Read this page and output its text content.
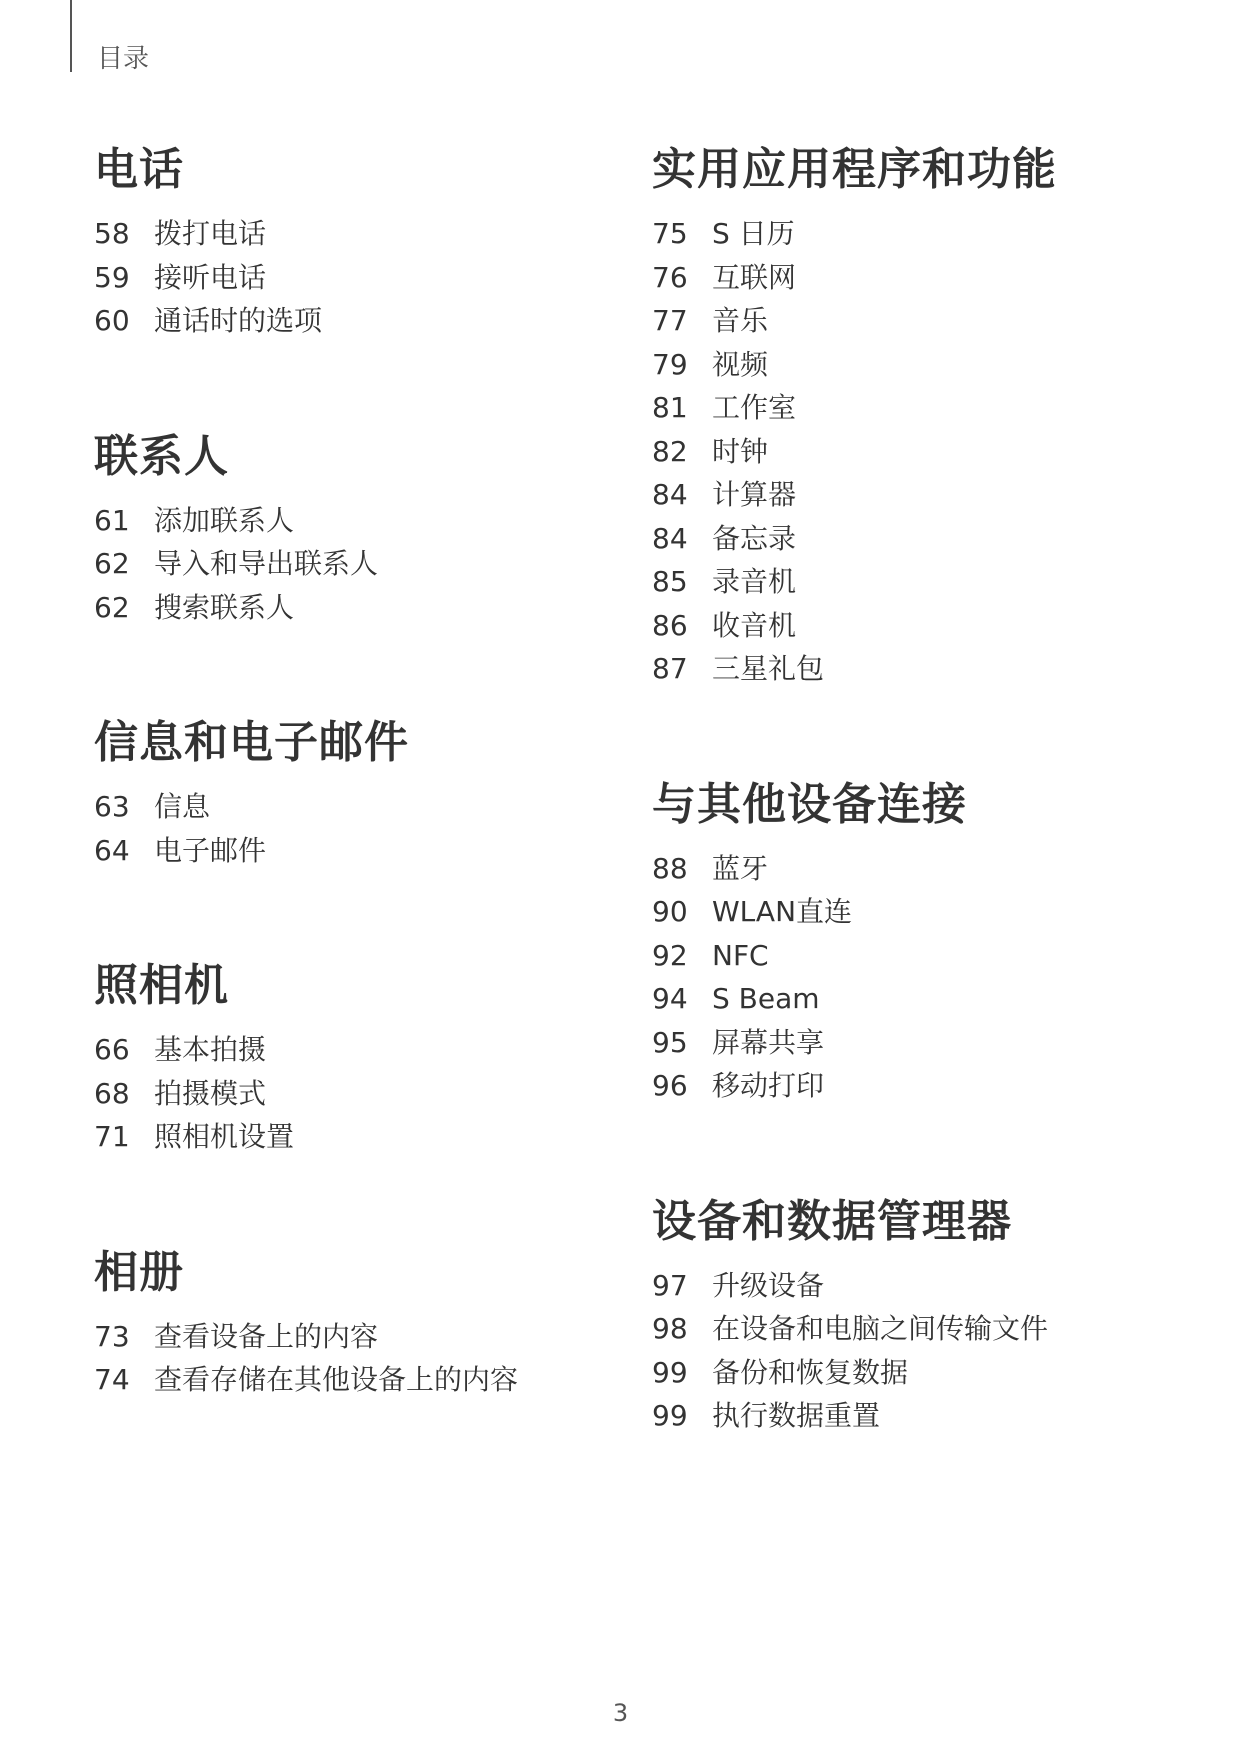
目录
电话
58 拨打电话
59 接听电话
60 通话时的选项
联系人
61 添加联系人
62 导入和导出联系人
62 搜索联系人
信息和电子邮件
63 信息
64 电子邮件
照相机
66 基本拍摄
68 拍摄模式
71 照相机设置
相册
73 查看设备上的内容
74 查看存储在其他设备上的内容
实用应用程序和功能
75 S 日历
76 互联网
77 音乐
79 视频
81 工作室
82 时钟
84 计算器
84 备忘录
85 录音机
86 收音机
87 三星礼包
与其他设备连接
88 蓝牙
90 WLAN直连
92 NFC
94 S Beam
95 屏幕共享
96 移动打印
设备和数据管理器
97 升级设备
98 在设备和电脑之间传输文件
99 备份和恢复数据
99 执行数据重置
3
